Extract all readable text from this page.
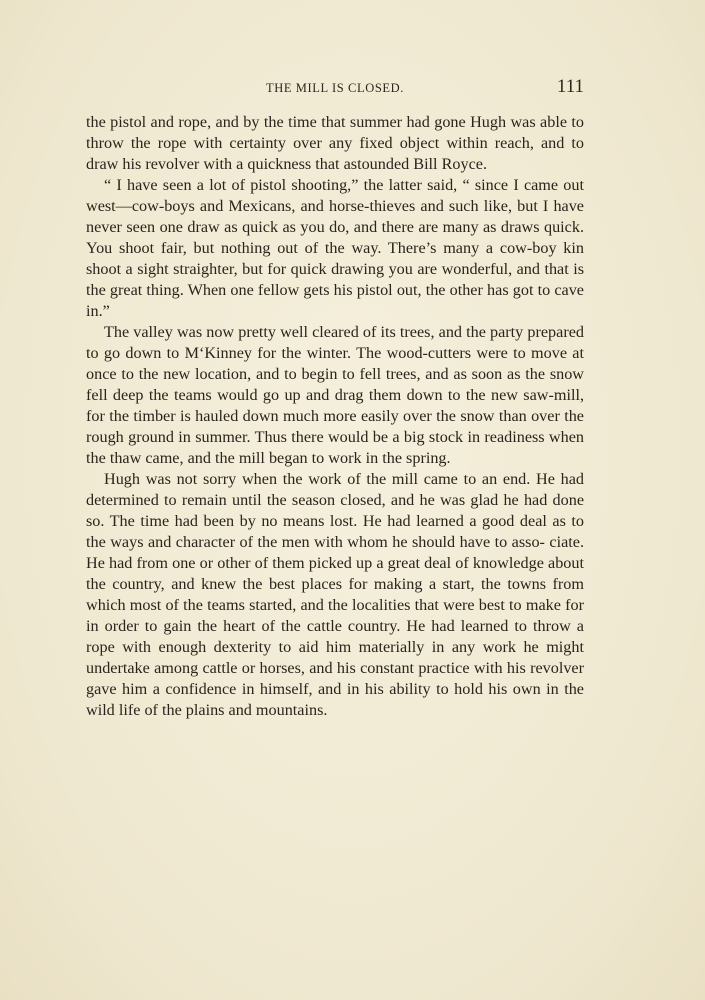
THE MILL IS CLOSED.	111

the pistol and rope, and by the time that summer had gone Hugh was able to throw the rope with certainty over any fixed object within reach, and to draw his revolver with a quickness that astounded Bill Royce.

“ I have seen a lot of pistol shooting,” the latter said, “ since I came out west—cow-boys and Mexicans, and horse-thieves and such like, but I have never seen one draw as quick as you do, and there are many as draws quick. You shoot fair, but nothing out of the way. There’s many a cow-boy kin shoot a sight straighter, but for quick drawing you are wonderful, and that is the great thing. When one fellow gets his pistol out, the other has got to cave in.”

The valley was now pretty well cleared of its trees, and the party prepared to go down to M‘Kinney for the winter. The wood-cutters were to move at once to the new location, and to begin to fell trees, and as soon as the snow fell deep the teams would go up and drag them down to the new saw-mill, for the timber is hauled down much more easily over the snow than over the rough ground in summer. Thus there would be a big stock in readiness when the thaw came, and the mill began to work in the spring.

Hugh was not sorry when the work of the mill came to an end. He had determined to remain until the season closed, and he was glad he had done so. The time had been by no means lost. He had learned a good deal as to the ways and character of the men with whom he should have to asso- ciate. He had from one or other of them picked up a great deal of knowledge about the country, and knew the best places for making a start, the towns from which most of the teams started, and the localities that were best to make for in order to gain the heart of the cattle country. He had learned to throw a rope with enough dexterity to aid him materially in any work he might undertake among cattle or horses, and his constant practice with his revolver gave him a confidence in himself, and in his ability to hold his own in the wild life of the plains and mountains.
